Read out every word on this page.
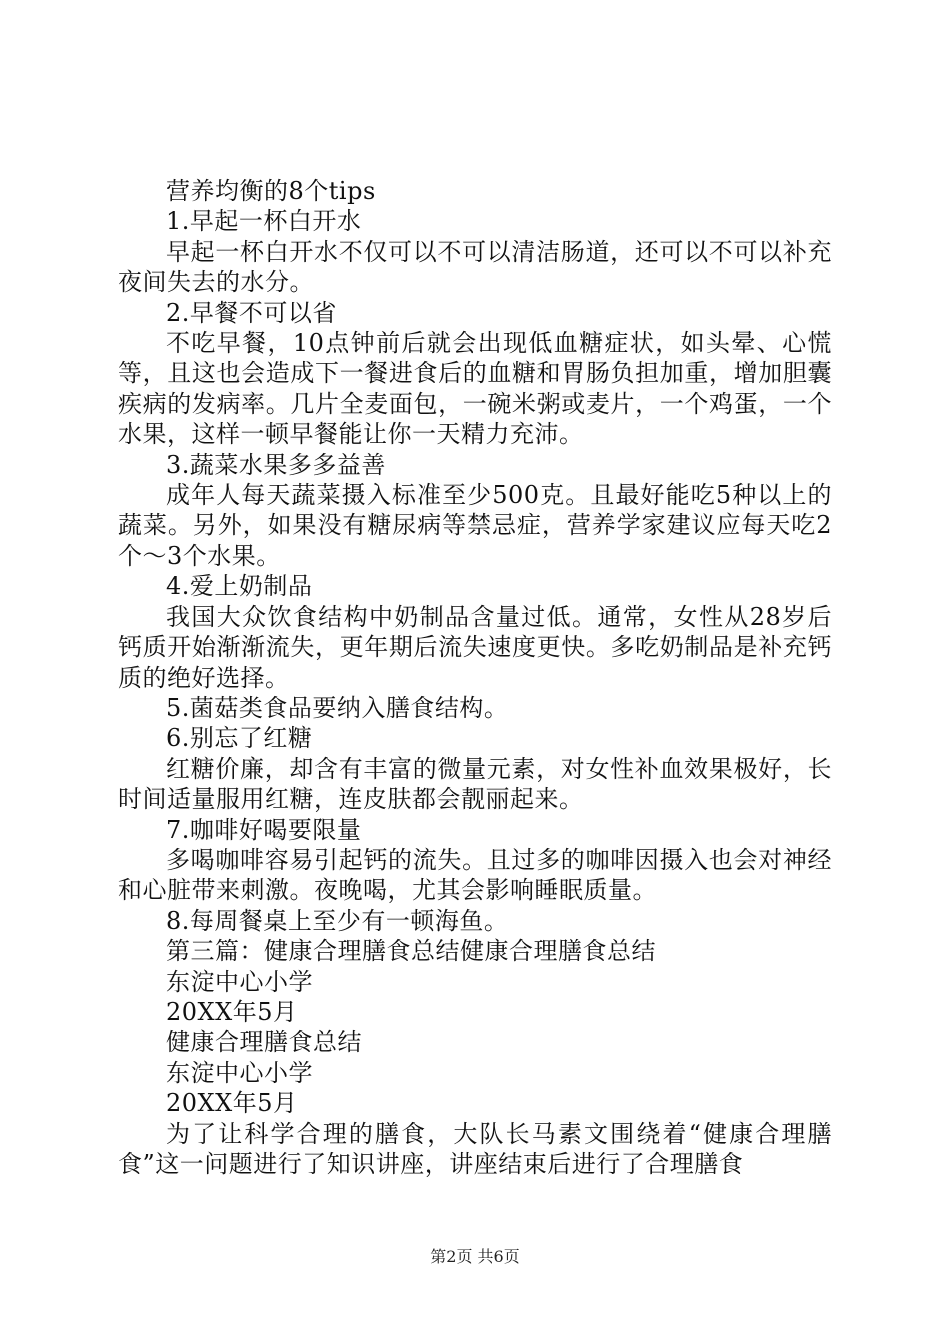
营养均衡的8个tips

1.早起一杯白开水

早起一杯白开水不仅可以不可以清洁肠道，还可以不可以补充夜间失去的水分。

2.早餐不可以省

不吃早餐，10点钟前后就会出现低血糖症状，如头晕、心慌等，且这也会造成下一餐进食后的血糖和胃肠负担加重，增加胆囊疾病的发病率。几片全麦面包，一碗米粥或麦片，一个鸡蛋，一个水果，这样一顿早餐能让你一天精力充沛。

3.蔬菜水果多多益善

成年人每天蔬菜摄入标准至少500克。且最好能吃5种以上的蔬菜。另外，如果没有糖尿病等禁忌症，营养学家建议应每天吃2个～3个水果。

4.爱上奶制品

我国大众饮食结构中奶制品含量过低。通常，女性从28岁后钙质开始渐渐流失，更年期后流失速度更快。多吃奶制品是补充钙质的绝好选择。

5.菌菇类食品要纳入膳食结构。

6.别忘了红糖

红糖价廉，却含有丰富的微量元素，对女性补血效果极好，长时间适量服用红糖，连皮肤都会靓丽起来。

7.咖啡好喝要限量

多喝咖啡容易引起钙的流失。且过多的咖啡因摄入也会对神经和心脏带来刺激。夜晚喝，尤其会影响睡眠质量。

8.每周餐桌上至少有一顿海鱼。

第三篇：健康合理膳食总结健康合理膳食总结

东淀中心小学

20XX年5月

健康合理膳食总结

东淀中心小学

20XX年5月

为了让科学合理的膳食，大队长马素文围绕着“健康合理膳食”这一问题进行了知识讲座，讲座结束后进行了合理膳食

第2页 共6页
